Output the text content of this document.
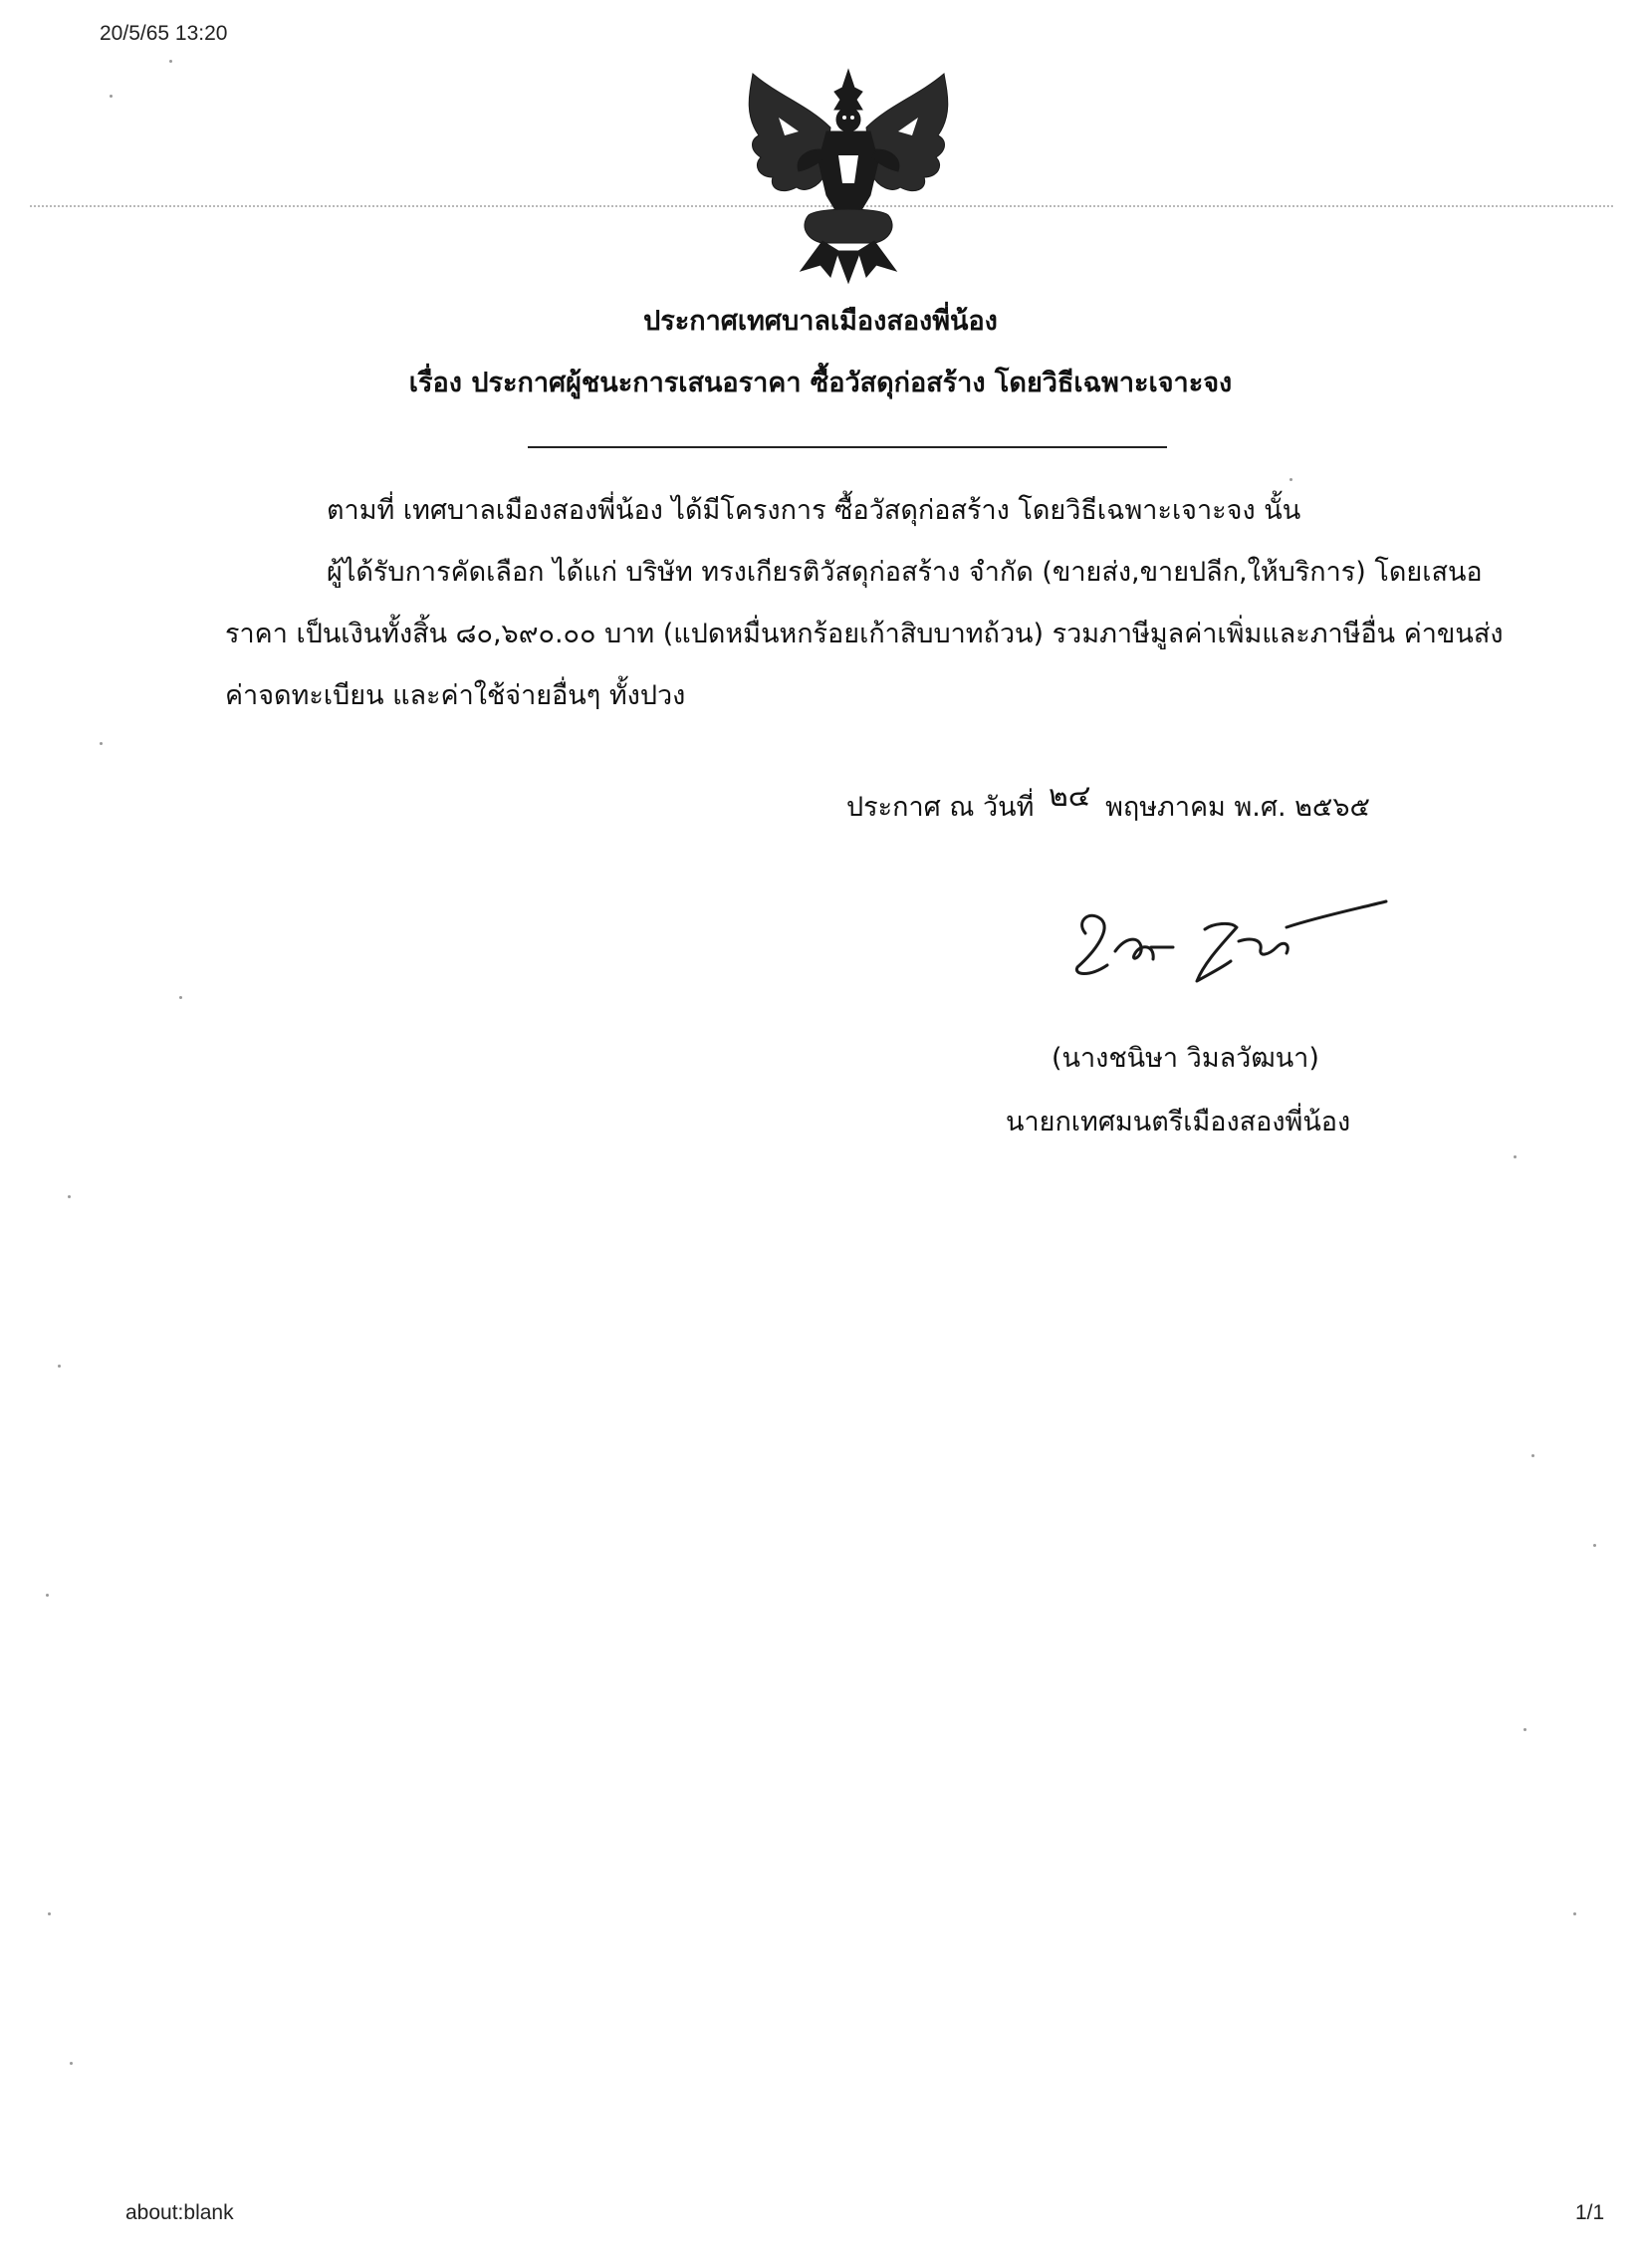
20/5/65 13:20
ประกาศเทศบาลเมืองสองพี่น้อง
เรื่อง ประกาศผู้ชนะการเสนอราคา ซื้อวัสดุก่อสร้าง โดยวิธีเฉพาะเจาะจง
ตามที่ เทศบาลเมืองสองพี่น้อง ได้มีโครงการ ซื้อวัสดุก่อสร้าง โดยวิธีเฉพาะเจาะจง นั้น
ผู้ได้รับการคัดเลือก ได้แก่ บริษัท ทรงเกียรติวัสดุก่อสร้าง จำกัด (ขายส่ง,ขายปลีก,ให้บริการ) โดยเสนอ
ราคา เป็นเงินทั้งสิ้น ๘๐,๖๙๐.๐๐ บาท (แปดหมื่นหกร้อยเก้าสิบบาทถ้วน) รวมภาษีมูลค่าเพิ่มและภาษีอื่น ค่าขนส่ง
ค่าจดทะเบียน และค่าใช้จ่ายอื่นๆ ทั้งปวง
ประกาศ ณ วันที่ ๒๔ พฤษภาคม พ.ศ. ๒๕๖๕
(นางชนิษา วิมลวัฒนา)
นายกเทศมนตรีเมืองสองพี่น้อง
about:blank	1/1
